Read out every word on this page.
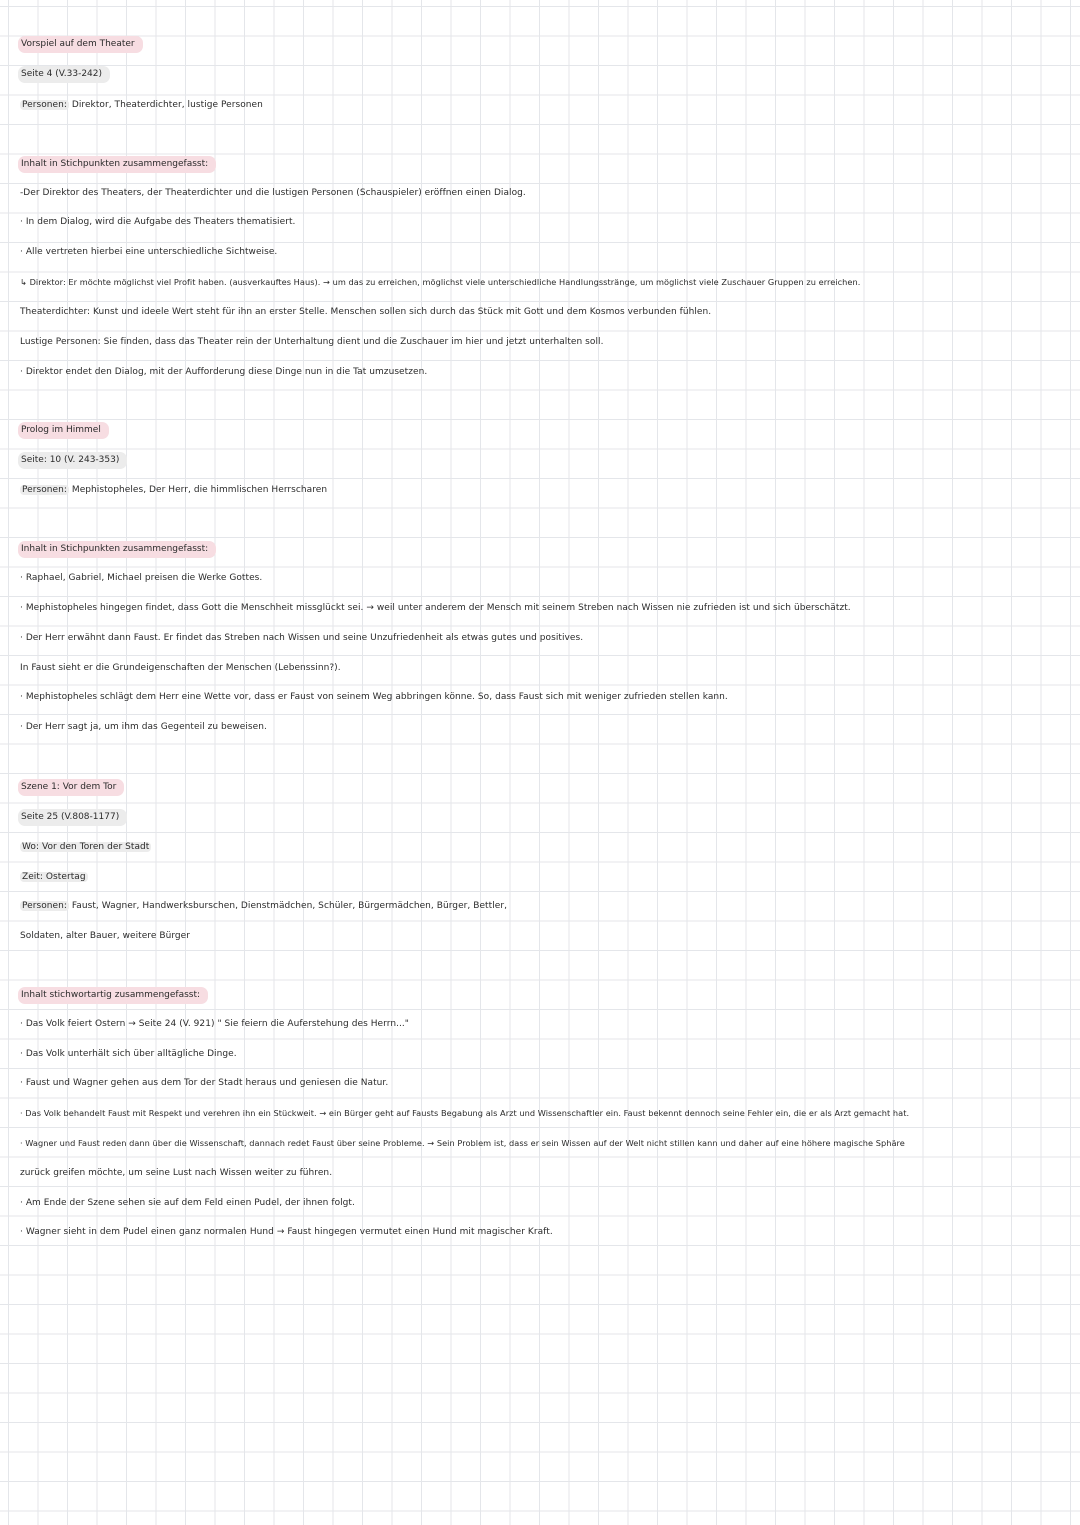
Vorspiel auf dem Theater
Seite 4 (V.33-242)
Personen: Direktor, Theaterdichter, lustige Personen
Inhalt in Stichpunkten zusammengefasst:
-Der Direktor des Theaters, der Theaterdichter und die lustigen Personen (Schauspieler) eröffnen einen Dialog.
· In dem Dialog, wird die Aufgabe des Theaters thematisiert.
· Alle vertreten hierbei eine unterschiedliche Sichtweise.
↳ Direktor: Er möchte möglichst viel Profit haben. (ausverkauftes Haus). → um das zu erreichen, möglichst viele unterschiedliche Handlungsstränge, um möglichst viele Zuschauer Gruppen zu erreichen.
Theaterdichter: Kunst und ideele Wert steht für ihn an erster Stelle. Menschen sollen sich durch das Stück mit Gott und dem Kosmos verbunden fühlen.
Lustige Personen: Sie finden, dass das Theater rein der Unterhaltung dient und die Zuschauer im hier und jetzt unterhalten soll.
· Direktor endet den Dialog, mit der Aufforderung diese Dinge nun in die Tat umzusetzen.
Prolog im Himmel
Seite: 10 (V. 243-353)
Personen: Mephistopheles, Der Herr, die himmlischen Herrscharen
Inhalt in Stichpunkten zusammengefasst:
· Raphael, Gabriel, Michael preisen die Werke Gottes.
· Mephistopheles hingegen findet, dass Gott die Menschheit missglückt sei. → weil unter anderem der Mensch mit seinem Streben nach Wissen nie zufrieden ist und sich überschätzt.
· Der Herr erwähnt dann Faust. Er findet das Streben nach Wissen und seine Unzufriedenheit als etwas gutes und positives.
In Faust sieht er die Grundeigenschaften der Menschen (Lebenssinn?).
· Mephistopheles schlägt dem Herr eine Wette vor, dass er Faust von seinem Weg abbringen könne. So, dass Faust sich mit weniger zufrieden stellen kann.
· Der Herr sagt ja, um ihm das Gegenteil zu beweisen.
Szene 1: Vor dem Tor
Seite 25 (V.808-1177)
Wo: Vor den Toren der Stadt
Zeit: Ostertag
Personen: Faust, Wagner, Handwerksburschen, Dienstmädchen, Schüler, Bürgermädchen, Bürger, Bettler,
Soldaten, alter Bauer, weitere Bürger
Inhalt stichwortartig zusammengefasst:
· Das Volk feiert Ostern → Seite 24 (V. 921) " Sie feiern die Auferstehung des Herrn..."
· Das Volk unterhält sich über alltägliche Dinge.
· Faust und Wagner gehen aus dem Tor der Stadt heraus und geniesen die Natur.
· Das Volk behandelt Faust mit Respekt und verehren ihn ein Stückweit. → ein Bürger geht auf Fausts Begabung als Arzt und Wissenschaftler ein. Faust bekennt dennoch seine Fehler ein, die er als Arzt gemacht hat.
· Wagner und Faust reden dann über die Wissenschaft, dannach redet Faust über seine Probleme. → Sein Problem ist, dass er sein Wissen auf der Welt nicht stillen kann und daher auf eine höhere magische Sphäre
zurück greifen möchte, um seine Lust nach Wissen weiter zu führen.
· Am Ende der Szene sehen sie auf dem Feld einen Pudel, der ihnen folgt.
· Wagner sieht in dem Pudel einen ganz normalen Hund → Faust hingegen vermutet einen Hund mit magischer Kraft.
